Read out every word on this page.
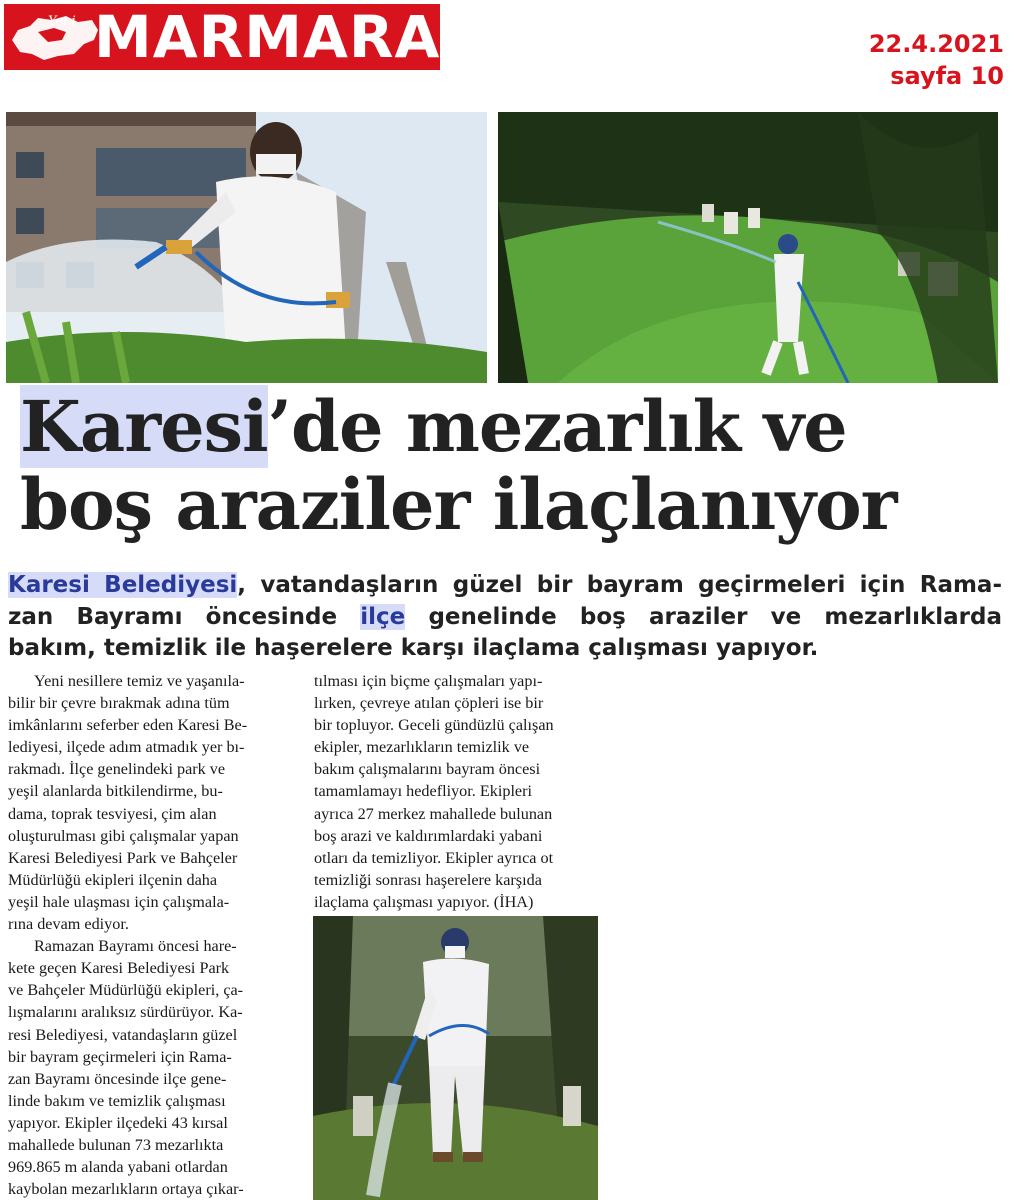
Yeni MARMARA	22.4.2021
sayfa 10
Karesi’de mezarlık ve
boş araziler ilaçlanıyor
Karesi Belediyesi, vatandaşların güzel bir bayram geçirmeleri için Rama-
zan Bayramı öncesinde ilçe genelinde boş araziler ve mezarlıklarda
bakım, temizlik ile haşerelere karşı ilaçlama çalışması yapıyor.
Yeni nesillere temiz ve yaşanıla-
bilir bir çevre bırakmak adına tüm
imkânlarını seferber eden Karesi Be-
lediyesi, ilçede adım atmadık yer bı-
rakmadı. İlçe genelindeki park ve
yeşil alanlarda bitkilendirme, bu-
dama, toprak tesviyesi, çim alan
oluşturulması gibi çalışmalar yapan
Karesi Belediyesi Park ve Bahçeler
Müdürlüğü ekipleri ilçenin daha
yeşil hale ulaşması için çalışmala-
rına devam ediyor.
Ramazan Bayramı öncesi hare-
kete geçen Karesi Belediyesi Park
ve Bahçeler Müdürlüğü ekipleri, ça-
lışmalarını aralıksız sürdürüyor. Ka-
resi Belediyesi, vatandaşların güzel
bir bayram geçirmeleri için Rama-
zan Bayramı öncesinde ilçe gene-
linde bakım ve temizlik çalışması
yapıyor. Ekipler ilçedeki 43 kırsal
mahallede bulunan 73 mezarlıkta
969.865 m alanda yabani otlardan
kaybolan mezarlıkların ortaya çıkar-
tılması için biçme çalışmaları yapı-
lırken, çevreye atılan çöpleri ise bir
bir topluyor. Geceli gündüzlü çalışan
ekipler, mezarlıkların temizlik ve
bakım çalışmalarını bayram öncesi
tamamlamayı hedefliyor. Ekipleri
ayrıca 27 merkez mahallede bulunan
boş arazi ve kaldırımlardaki yabani
otları da temizliyor. Ekipler ayrıca ot
temizliği sonrası haşerelere karşıda
ilaçlama çalışması yapıyor. (İHA)
